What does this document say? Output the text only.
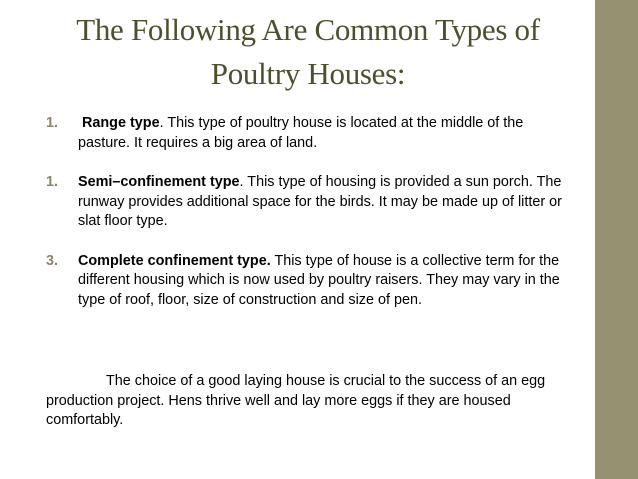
The Following Are Common Types of
Poultry Houses:
1. Range type. This type of poultry house is located at the middle of the pasture. It requires a big area of land.
1. Semi–confinement type. This type of housing is provided a sun porch. The runway provides additional space for the birds. It may be made up of litter or slat floor type.
3. Complete confinement type. This type of house is a collective term for the different housing which is now used by poultry raisers. They may vary in the type of roof, floor, size of construction and size of pen.

The choice of a good laying house is crucial to the success of an egg production project. Hens thrive well and lay more eggs if they are housed comfortably.
